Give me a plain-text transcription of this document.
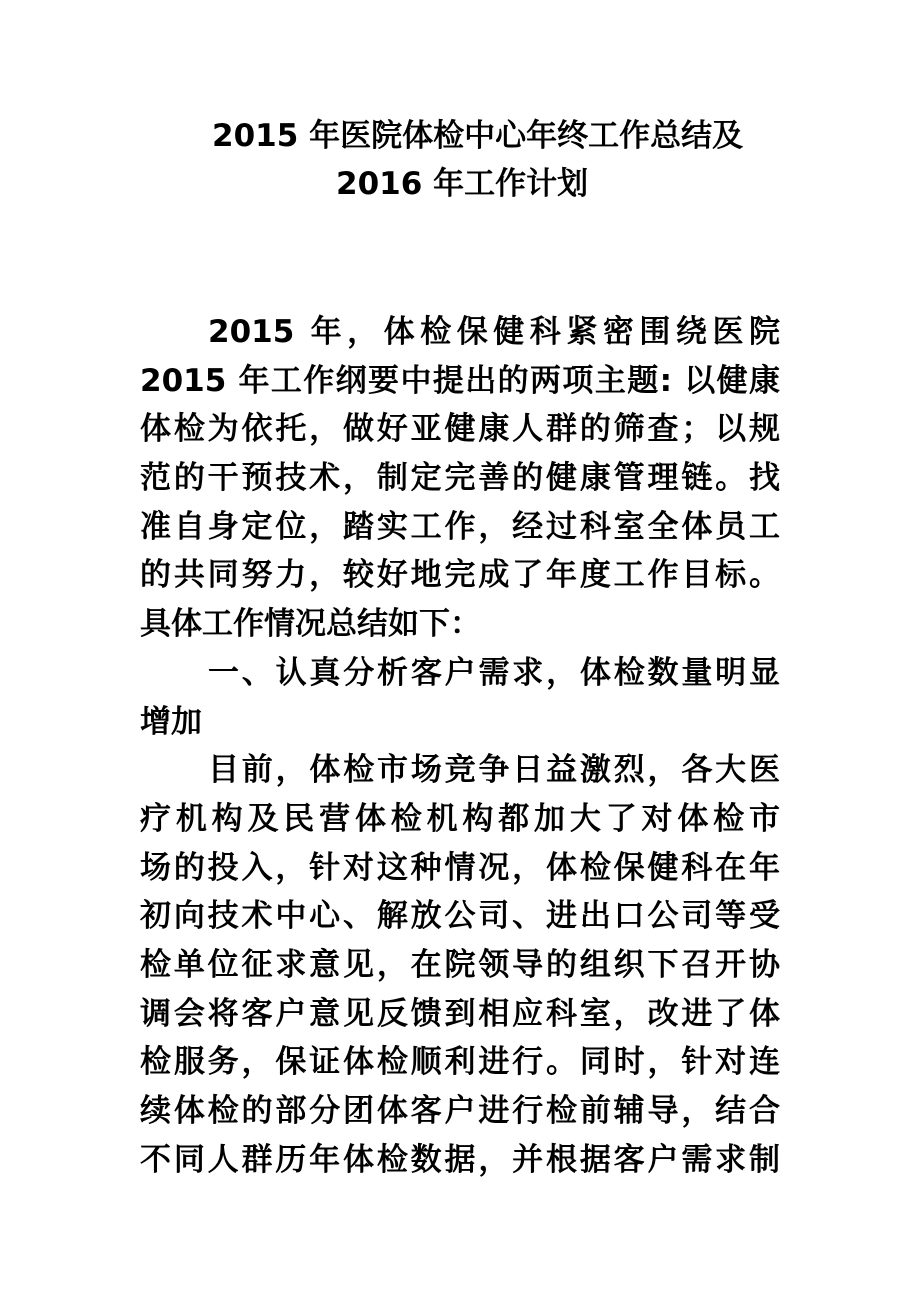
2015 年医院体检中心年终工作总结及
2016 年工作计划
2015 年，体检保健科紧密围绕医院
2015 年工作纲要中提出的两项主题: 以健康
体检为依托，做好亚健康人群的筛查；以规
范的干预技术，制定完善的健康管理链。找
准自身定位，踏实工作，经过科室全体员工
的共同努力，较好地完成了年度工作目标。
具体工作情况总结如下：
一、认真分析客户需求，体检数量明显
增加
目前，体检市场竞争日益激烈，各大医
疗机构及民营体检机构都加大了对体检市
场的投入，针对这种情况，体检保健科在年
初向技术中心、解放公司、进出口公司等受
检单位征求意见，在院领导的组织下召开协
调会将客户意见反馈到相应科室，改进了体
检服务，保证体检顺利进行。同时，针对连
续体检的部分团体客户进行检前辅导，结合
不同人群历年体检数据，并根据客户需求制
